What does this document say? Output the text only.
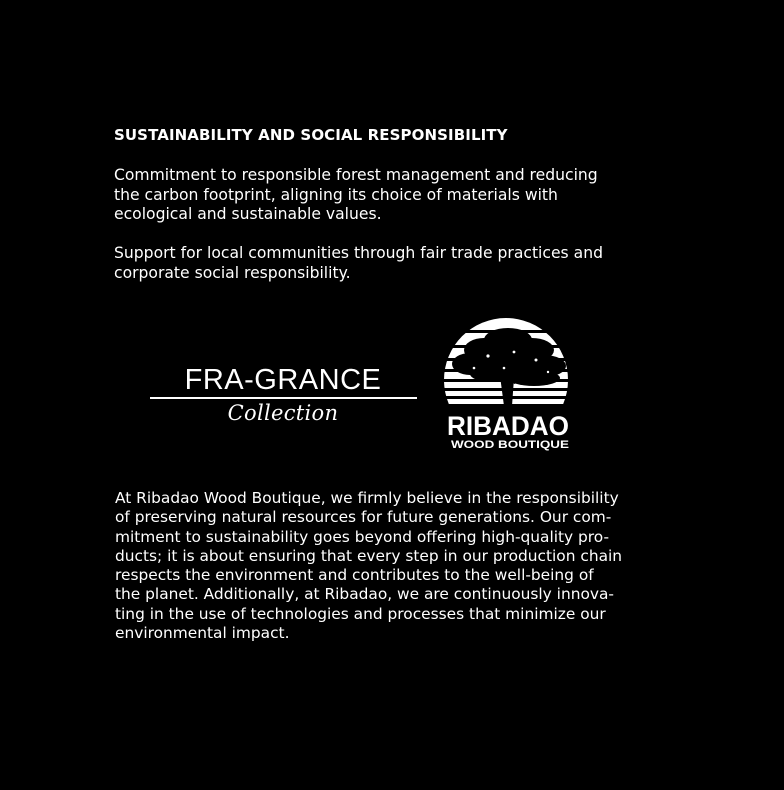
SUSTAINABILITY AND SOCIAL RESPONSIBILITY
Commitment to responsible forest management and reducing
the carbon footprint, aligning its choice of materials with
ecological and sustainable values.
Support for local communities through fair trade practices and
corporate social responsibility.
FRA-GRANCE
Collection	RIBADAO
WOOD BOUTIQUE
At Ribadao Wood Boutique, we firmly believe in the responsibility
of preserving natural resources for future generations. Our com-
mitment to sustainability goes beyond offering high-quality pro-
ducts; it is about ensuring that every step in our production chain
respects the environment and contributes to the well-being of
the planet. Additionally, at Ribadao, we are continuously innova-
ting in the use of technologies and processes that minimize our
environmental impact.
